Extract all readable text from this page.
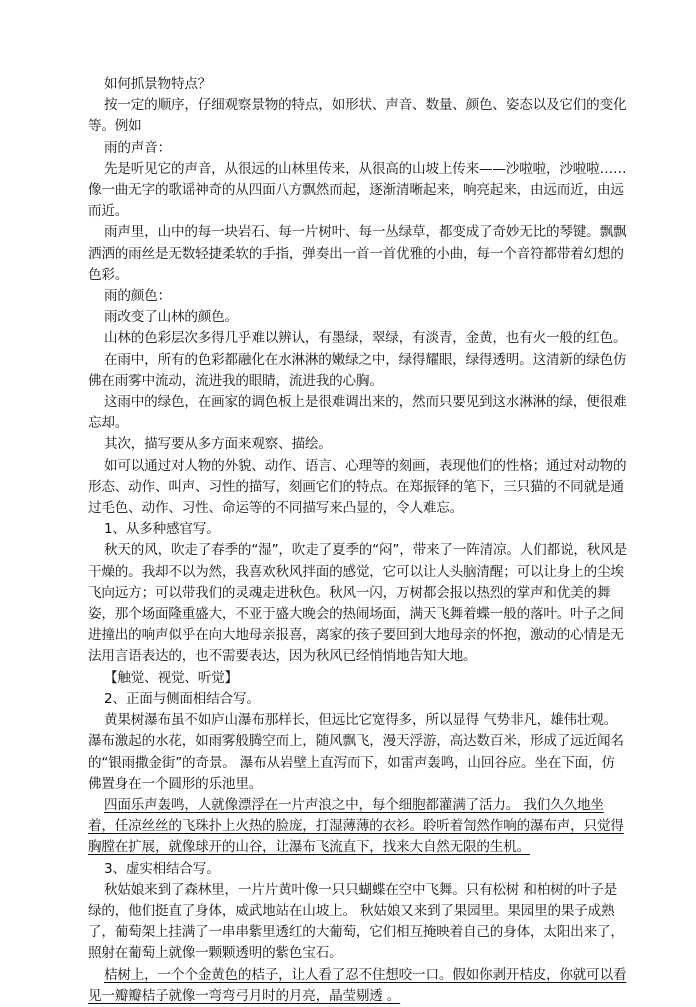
如何抓景物特点？

按一定的顺序，仔细观察景物的特点，如形状、声音、数量、颜色、姿态以及它们的变化等。例如

雨的声音：

先是听见它的声音，从很远的山林里传来，从很高的山坡上传来——沙啦啦，沙啦啦……像一曲无字的歌谣神奇的从四面八方飘然而起，逐渐清晰起来，响亮起来，由远而近，由远而近。

雨声里，山中的每一块岩石、每一片树叶、每一丛绿草，都变成了奇妙无比的琴键。飘飘洒洒的雨丝是无数轻捷柔软的手指，弹奏出一首一首优雅的小曲，每一个音符都带着幻想的色彩。

雨的颜色：

雨改变了山林的颜色。

山林的色彩层次多得几乎难以辨认，有墨绿，翠绿，有淡青，金黄，也有火一般的红色。

在雨中，所有的色彩都融化在水淋淋的嫩绿之中，绿得耀眼，绿得透明。这清新的绿色仿佛在雨雾中流动，流进我的眼睛，流进我的心胸。

这雨中的绿色，在画家的调色板上是很难调出来的，然而只要见到这水淋淋的绿，便很难忘却。

其次，描写要从多方面来观察、描绘。

如可以通过对人物的外貌、动作、语言、心理等的刻画，表现他们的性格；通过对动物的形态、动作、叫声、习性的描写，刻画它们的特点。在郑振铎的笔下，三只猫的不同就是通过毛色、动作、习性、命运等的不同描写来凸显的，令人难忘。

1、从多种感官写。

秋天的风，吹走了春季的“湿”，吹走了夏季的“闷”，带来了一阵清凉。人们都说，秋风是干燥的。我却不以为然，我喜欢秋风拌面的感觉，它可以让人头脑清醒；可以让身上的尘埃飞向远方；可以带我们的灵魂走进秋色。秋风一闪，万树都会报以热烈的掌声和优美的舞姿，那个场面隆重盛大，不亚于盛大晚会的热闹场面，满天飞舞着蝶一般的落叶。叶子之间进撞出的响声似乎在向大地母亲报喜，离家的孩子要回到大地母亲的怀抱，激动的心情是无法用言语表达的，也不需要表达，因为秋风已经悄悄地告知大地。

【触觉、视觉、听觉】

2、正面与侧面相结合写。

黄果树瀑布虽不如庐山瀑布那样长，但远比它宽得多，所以显得 气势非凡，雄伟壮观。瀑布激起的水花，如雨雾般腾空而上，随风飘飞，漫天浮游，高达数百米，形成了远近闻名的“银雨撒金街”的奇景。 瀑布从岩壁上直泻而下，如雷声轰鸣，山回谷应。坐在下面，仿佛置身在一个圆形的乐池里。

四面乐声轰鸣，人就像漂浮在一片声浪之中，每个细胞都灌满了活力。 我们久久地坐着，任凉丝丝的飞珠扑上火热的脸庞，打湿薄薄的衣衫。聆听着訇然作响的瀑布声，只觉得胸膛在扩展，就像球开的山谷，让瀑布飞流直下，找来大自然无限的生机。

3、虚实相结合写。

秋姑娘来到了森林里，一片片黄叶像一只只蝴蝶在空中飞舞。只有松树 和柏树的叶子是绿的，他们挺直了身体，威武地站在山坡上。 秋姑娘又来到了果园里。果园里的果子成熟了，葡萄架上挂满了一串串紫里透红的大葡萄，它们相互掩映着自己的身体，太阳出来了，照射在葡萄上就像一颗颗透明的紫色宝石。

桔树上，一个个金黄色的桔子，让人看了忍不住想咬一口。假如你剥开桔皮，你就可以看见一瓣瓣桔子就像一弯弯弓月时的月亮，晶莹剔透 。
